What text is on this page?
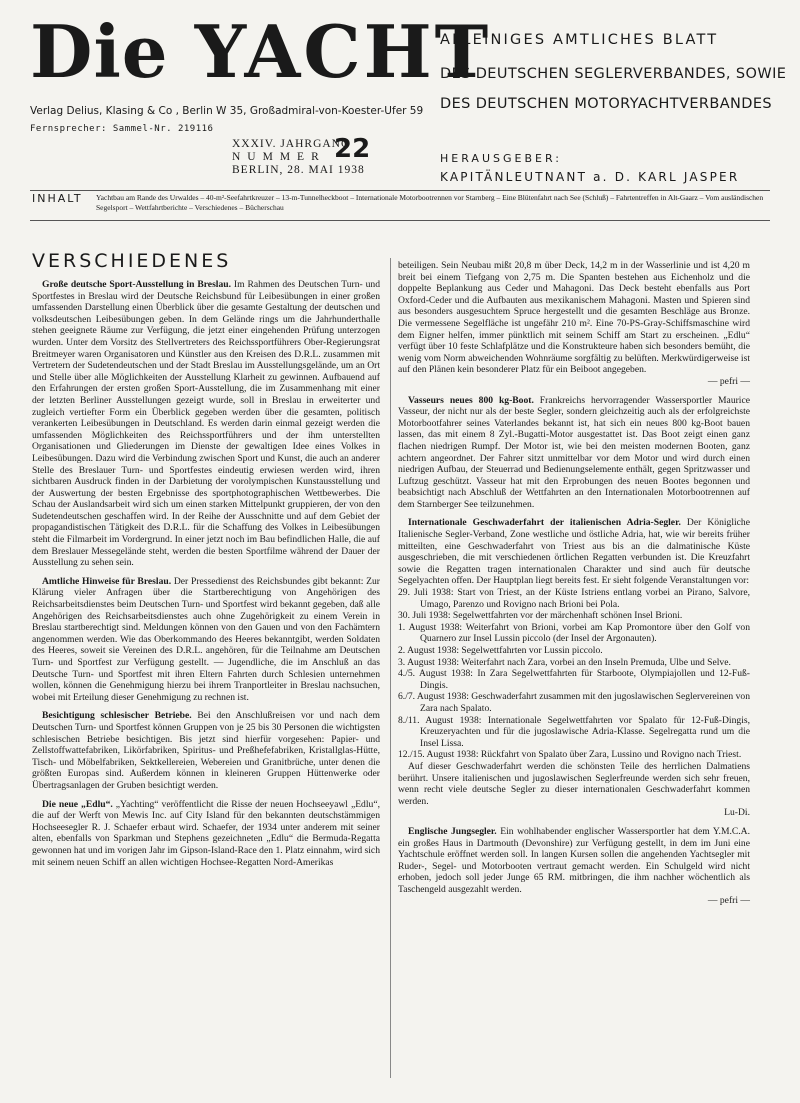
Die YACHT
ALLEINIGES AMTLICHES BLATT
DES DEUTSCHEN SEGLERVERBANDES, SOWIE
DES DEUTSCHEN MOTORYACHTVERBANDES
Verlag Delius, Klasing & Co , Berlin W 35, Großadmiral-von-Koester-Ufer 59
Fernsprecher: Sammel-Nr. 219116
XXXIV. JAHRGANG
NUMMER
BERLIN, 28. MAI 1938
22	HERAUSGEBER:
KAPITÄNLEUTNANT a. D. KARL JASPER
INHALT Yachtbau am Rande des Urwaldes – 40-m²-Seefahrtkreuzer – 13-m-Tunnelheckboot – Internationale Motorbootrennen vor Starnberg – Eine Blütenfahrt nach See (Schluß) – Fahrtentreffen in Alt-Gaarz – Vom ausländischen Segelsport – Wettfahrtberichte – Verschiedenes – Bücherschau
VERSCHIEDENES

Große deutsche Sport-Ausstellung in Breslau. Im Rahmen des Deutschen Turn- und Sportfestes in Breslau wird der Deutsche Reichsbund für Leibesübungen in einer großen umfassenden Darstellung einen Überblick über die gesamte Gestaltung der deutschen und volksdeutschen Leibesübungen geben. In dem Gelände rings um die Jahrhunderthalle stehen geeignete Räume zur Verfügung, die jetzt einer eingehenden Prüfung unterzogen wurden. Unter dem Vorsitz des Stellvertreters des Reichssportführers Ober-Regierungsrat Breitmeyer waren Organisatoren und Künstler aus den Kreisen des D.R.L. zusammen mit Vertretern der Sudetendeutschen und der Stadt Breslau im Ausstellungsgelände, um an Ort und Stelle über alle Möglichkeiten der Ausstellung Klarheit zu gewinnen. Aufbauend auf den Erfahrungen der ersten großen Sport-Ausstellung, die im Zusammenhang mit einer der letzten Berliner Ausstellungen gezeigt wurde, soll in Breslau in erweiterter und zugleich vertiefter Form ein Überblick gegeben werden über die gesamten, politisch verankerten Leibesübungen in Deutschland. Es werden darin einmal gezeigt werden die umfassenden Möglichkeiten des Reichssportführers und der ihm unterstellten Organisationen und Gliederungen im Dienste der gewaltigen Idee eines Volkes in Leibesübungen. Dazu wird die Verbindung zwischen Sport und Kunst, die auch an anderer Stelle des Breslauer Turn- und Sportfestes eindeutig erwiesen werden wird, ihren sichtbaren Ausdruck finden in der Darbietung der vorolympischen Kunstausstellung und der Auswertung der besten Ergebnisse des sportphotographischen Wettbewerbes. Die Schau der Auslandsarbeit wird sich um einen starken Mittelpunkt gruppieren, der von den Sudetendeutschen geschaffen wird. In der Reihe der Ausschnitte und auf dem Gebiet der propagandistischen Tätigkeit des D.R.L. für die Schaffung des Volkes in Leibesübungen steht die Filmarbeit im Vordergrund. In einer jetzt noch im Bau befindlichen Halle, die auf dem Breslauer Messegelände steht, werden die besten Sportfilme während der Dauer der Ausstellung zu sehen sein.

Amtliche Hinweise für Breslau. Der Pressedienst des Reichsbundes gibt bekannt: Zur Klärung vieler Anfragen über die Startberechtigung von Angehörigen des Reichsarbeitsdienstes beim Deutschen Turn- und Sportfest wird bekannt gegeben, daß alle Angehörigen des Reichsarbeitsdienstes auch ohne Zugehörigkeit zu einem Verein in Breslau startberechtigt sind. Meldungen können von den Gauen und von den Fachämtern angenommen werden. Wie das Oberkommando des Heeres bekanntgibt, werden Soldaten des Heeres, soweit sie Vereinen des D.R.L. angehören, für die Teilnahme am Deutschen Turn- und Sportfest zur Verfügung gestellt. — Jugendliche, die im Anschluß an das Deutsche Turn- und Sportfest mit ihren Eltern Fahrten durch Schlesien unternehmen wollen, können die Genehmigung hierzu bei ihrem Tranportleiter in Breslau nachsuchen, wobei mit Erteilung dieser Genehmigung zu rechnen ist.

Besichtigung schlesischer Betriebe. Bei den Anschlußreisen vor und nach dem Deutschen Turn- und Sportfest können Gruppen von je 25 bis 30 Personen die wichtigsten schlesischen Betriebe besichtigen. Bis jetzt sind hierfür vorgesehen: Papier- und Zellstoffwattefabriken, Likörfabriken, Spiritus- und Preßhefefabriken, Kristallglas-Hütte, Tisch- und Möbelfabriken, Sektkellereien, Webereien und Granitbrüche, unter denen die größten Europas sind. Außerdem können in kleineren Gruppen Hüttenwerke oder Übertragsanlagen der Gruben besichtigt werden.

Die neue „Edlu“. „Yachting“ veröffentlicht die Risse der neuen Hochseeyawl „Edlu“, die auf der Werft von Mewis Inc. auf City Island für den bekannten deutschstämmigen Hochseesegler R. J. Schaefer erbaut wird. Schaefer, der 1934 unter anderem mit seiner alten, ebenfalls von Sparkman und Stephens gezeichneten „Edlu“ die Bermuda-Regatta gewonnen hat und im vorigen Jahr im Gipson-Island-Race den 1. Platz einnahm, wird sich mit seinem neuen Schiff an allen wichtigen Hochsee-Regatten Nord-Amerikas

beteiligen. Sein Neubau mißt 20,8 m über Deck, 14,2 m in der Wasserlinie und ist 4,20 m breit bei einem Tiefgang von 2,75 m. Die Spanten bestehen aus Eichenholz und die doppelte Beplankung aus Ceder und Mahagoni. Das Deck besteht ebenfalls aus Port Oxford-Ceder und die Aufbauten aus mexikanischem Mahagoni. Masten und Spieren sind aus besonders ausgesuchtem Spruce hergestellt und die gesamten Beschläge aus Bronze. Die vermessene Segelfläche ist ungefähr 210 m². Eine 70-PS-Gray-Schiffsmaschine wird dem Eigner helfen, immer pünktlich mit seinem Schiff am Start zu erscheinen. „Edlu“ verfügt über 10 feste Schlafplätze und die Konstrukteure haben sich besonders bemüht, die wenig vom Norm abweichenden Wohnräume sorgfältig zu belüften. Merkwürdigerweise ist auf den Plänen kein besonderer Platz für ein Beiboot angegeben.

— pefri —

Vasseurs neues 800 kg-Boot. Frankreichs hervorragender Wassersportler Maurice Vasseur, der nicht nur als der beste Segler, sondern gleichzeitig auch als der erfolgreichste Motorbootfahrer seines Vaterlandes bekannt ist, hat sich ein neues 800 kg-Boot bauen lassen, das mit einem 8 Zyl.-Bugatti-Motor ausgestattet ist. Das Boot zeigt einen ganz flachen niedrigen Rumpf. Der Motor ist, wie bei den meisten modernen Booten, ganz achtern angeordnet. Der Fahrer sitzt unmittelbar vor dem Motor und wird durch einen niedrigen Aufbau, der Steuerrad und Bedienungselemente enthält, gegen Spritzwasser und Luftzug geschützt. Vasseur hat mit den Erprobungen des neuen Bootes begonnen und beabsichtigt nach Abschluß der Wettfahrten an den Internationalen Motorbootrennen auf dem Starnberger See teilzunehmen.

Internationale Geschwaderfahrt der italienischen Adria-Segler. Der Königliche Italienische Segler-Verband, Zone westliche und östliche Adria, hat, wie wir bereits früher mitteilten, eine Geschwaderfahrt von Triest aus bis an die dalmatinische Küste ausgeschrieben, die mit verschiedenen örtlichen Regatten verbunden ist. Die Kreuzfahrt sowie die Regatten tragen internationalen Charakter und sind auch für deutsche Segelyachten offen. Der Hauptplan liegt bereits fest. Er sieht folgende Veranstaltungen vor:

29. Juli 1938: Start von Triest, an der Küste Istriens entlang vorbei an Pirano, Salvore, Umago, Parenzo und Rovigno nach Brioni bei Pola.
30. Juli 1938: Segelwettfahrten vor der märchenhaft schönen Insel Brioni.
1. August 1938: Weiterfahrt von Brioni, vorbei am Kap Promontore über den Golf von Quarnero zur Insel Lussin piccolo (der Insel der Argonauten).
2. August 1938: Segelwettfahrten vor Lussin piccolo.
3. August 1938: Weiterfahrt nach Zara, vorbei an den Inseln Premuda, Ulbe und Selve.
4./5. August 1938: In Zara Segelwettfahrten für Starboote, Olympiajollen und 12-Fuß-Dingis.
6./7. August 1938: Geschwaderfahrt zusammen mit den jugoslawischen Seglervereinen von Zara nach Spalato.
8./11. August 1938: Internationale Segelwettfahrten vor Spalato für 12-Fuß-Dingis, Kreuzeryachten und für die jugoslawische Adria-Klasse. Segelregatta rund um die Insel Lissa.
12./15. August 1938: Rückfahrt von Spalato über Zara, Lussino und Rovigno nach Triest.

Auf dieser Geschwaderfahrt werden die schönsten Teile des herrlichen Dalmatiens berührt. Unsere italienischen und jugoslawischen Seglerfreunde werden sich sehr freuen, wenn recht viele deutsche Segler zu dieser internationalen Geschwaderfahrt kommen werden.

Lu-Di.

Englische Jungsegler. Ein wohlhabender englischer Wassersportler hat dem Y.M.C.A. ein großes Haus in Dartmouth (Devonshire) zur Verfügung gestellt, in dem im Juni eine Yachtschule eröffnet werden soll. In langen Kursen sollen die angehenden Yachtsegler mit Ruder-, Segel- und Motorbooten vertraut gemacht werden. Ein Schulgeld wird nicht erhoben, jedoch soll jeder Junge 65 RM. mitbringen, die ihm nachher wöchentlich als Taschengeld ausgezahlt werden.

— pefri —
